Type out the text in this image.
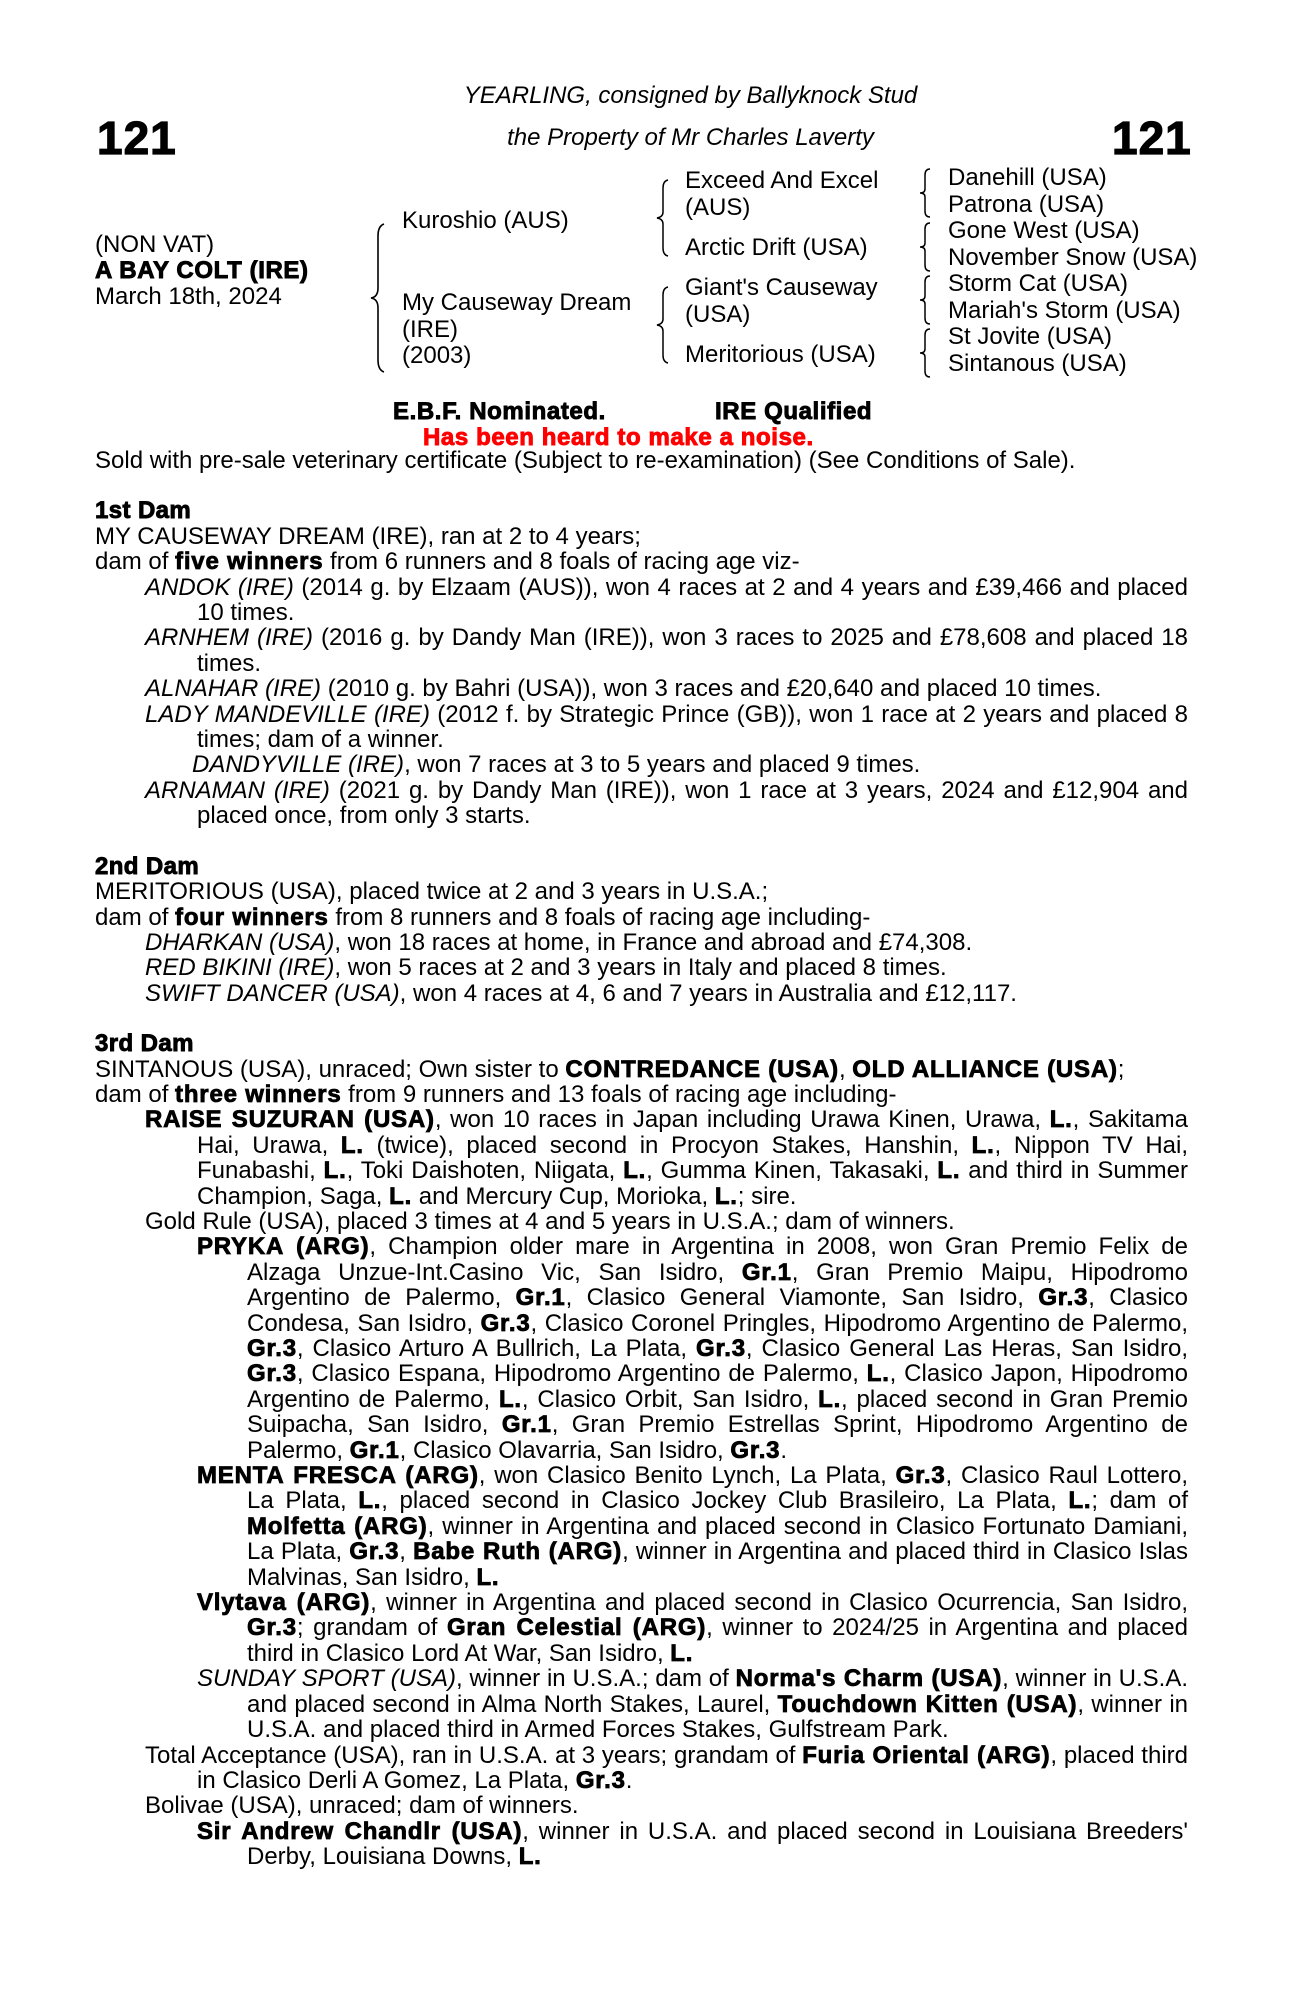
121	121
YEARLING, consigned by Ballyknock Stud
the Property of Mr Charles Laverty
(NON VAT)
A BAY COLT (IRE)
March 18th, 2024
Kuroshio (AUS)
My Causeway Dream
(IRE)
(2003)
Exceed And Excel
(AUS)
Arctic Drift (USA)
Giant's Causeway
(USA)
Meritorious (USA)
Danehill (USA)
Patrona (USA)
Gone West (USA)
November Snow (USA)
Storm Cat (USA)
Mariah's Storm (USA)
St Jovite (USA)
Sintanous (USA)
E.B.F. Nominated.	IRE Qualified
Has been heard to make a noise.

Sold with pre-sale veterinary certificate (Subject to re-examination) (See Conditions of Sale).

1st Dam

MY CAUSEWAY DREAM (IRE), ran at 2 to 4 years;

dam of five winners from 6 runners and 8 foals of racing age viz-

ANDOK (IRE) (2014 g. by Elzaam (AUS)), won 4 races at 2 and 4 years and £39,466 and placed 10 times.

ARNHEM (IRE) (2016 g. by Dandy Man (IRE)), won 3 races to 2025 and £78,608 and placed 18 times.

ALNAHAR (IRE) (2010 g. by Bahri (USA)), won 3 races and £20,640 and placed 10 times.

LADY MANDEVILLE (IRE) (2012 f. by Strategic Prince (GB)), won 1 race at 2 years and placed 8 times; dam of a winner.

DANDYVILLE (IRE), won 7 races at 3 to 5 years and placed 9 times.

ARNAMAN (IRE) (2021 g. by Dandy Man (IRE)), won 1 race at 3 years, 2024 and £12,904 and placed once, from only 3 starts.

2nd Dam

MERITORIOUS (USA), placed twice at 2 and 3 years in U.S.A.;

dam of four winners from 8 runners and 8 foals of racing age including-

DHARKAN (USA), won 18 races at home, in France and abroad and £74,308.

RED BIKINI (IRE), won 5 races at 2 and 3 years in Italy and placed 8 times.

SWIFT DANCER (USA), won 4 races at 4, 6 and 7 years in Australia and £12,117.

3rd Dam

SINTANOUS (USA), unraced; Own sister to CONTREDANCE (USA), OLD ALLIANCE (USA);

dam of three winners from 9 runners and 13 foals of racing age including-

RAISE SUZURAN (USA), won 10 races in Japan including Urawa Kinen, Urawa, L., Sakitama Hai, Urawa, L. (twice), placed second in Procyon Stakes, Hanshin, L., Nippon TV Hai, Funabashi, L., Toki Daishoten, Niigata, L., Gumma Kinen, Takasaki, L. and third in Summer Champion, Saga, L. and Mercury Cup, Morioka, L.; sire.

Gold Rule (USA), placed 3 times at 4 and 5 years in U.S.A.; dam of winners.

PRYKA (ARG), Champion older mare in Argentina in 2008, won Gran Premio Felix de Alzaga Unzue-Int.Casino Vic, San Isidro, Gr.1, Gran Premio Maipu, Hipodromo Argentino de Palermo, Gr.1, Clasico General Viamonte, San Isidro, Gr.3, Clasico Condesa, San Isidro, Gr.3, Clasico Coronel Pringles, Hipodromo Argentino de Palermo, Gr.3, Clasico Arturo A Bullrich, La Plata, Gr.3, Clasico General Las Heras, San Isidro, Gr.3, Clasico Espana, Hipodromo Argentino de Palermo, L., Clasico Japon, Hipodromo Argentino de Palermo, L., Clasico Orbit, San Isidro, L., placed second in Gran Premio Suipacha, San Isidro, Gr.1, Gran Premio Estrellas Sprint, Hipodromo Argentino de Palermo, Gr.1, Clasico Olavarria, San Isidro, Gr.3.

MENTA FRESCA (ARG), won Clasico Benito Lynch, La Plata, Gr.3, Clasico Raul Lottero, La Plata, L., placed second in Clasico Jockey Club Brasileiro, La Plata, L.; dam of Molfetta (ARG), winner in Argentina and placed second in Clasico Fortunato Damiani, La Plata, Gr.3, Babe Ruth (ARG), winner in Argentina and placed third in Clasico Islas Malvinas, San Isidro, L.

Vlytava (ARG), winner in Argentina and placed second in Clasico Ocurrencia, San Isidro, Gr.3; grandam of Gran Celestial (ARG), winner to 2024/25 in Argentina and placed third in Clasico Lord At War, San Isidro, L.

SUNDAY SPORT (USA), winner in U.S.A.; dam of Norma's Charm (USA), winner in U.S.A. and placed second in Alma North Stakes, Laurel, Touchdown Kitten (USA), winner in U.S.A. and placed third in Armed Forces Stakes, Gulfstream Park.

Total Acceptance (USA), ran in U.S.A. at 3 years; grandam of Furia Oriental (ARG), placed third in Clasico Derli A Gomez, La Plata, Gr.3.

Bolivae (USA), unraced; dam of winners.

Sir Andrew Chandlr (USA), winner in U.S.A. and placed second in Louisiana Breeders' Derby, Louisiana Downs, L.
